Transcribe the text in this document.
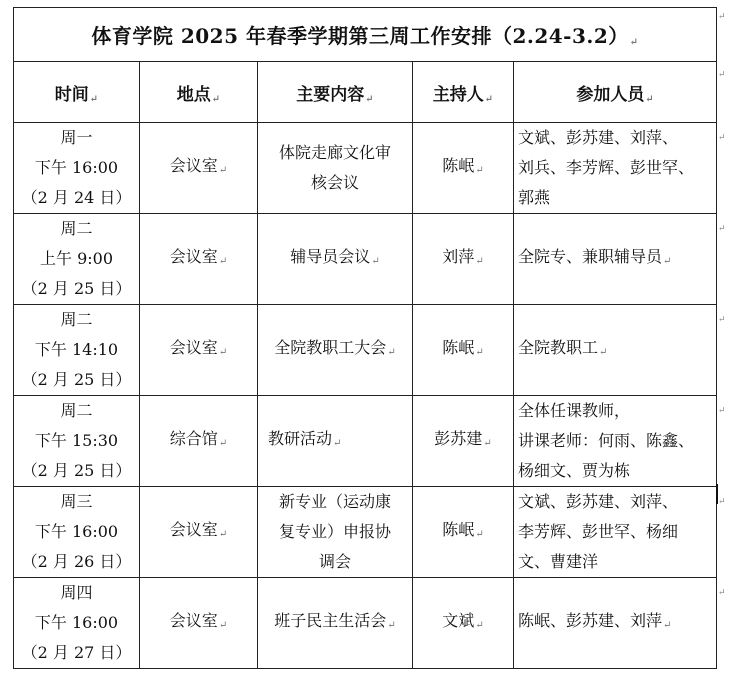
体育学院 2025 年春季学期第三周工作安排（2.24-3.2）↵				
时间↵	地点↵	主要内容↵	主持人↵	参加人员↵

周一
下午 16:00
（2 月 24 日）	会议室↵	体院走廊文化审
核会议	陈岷↵	文斌、彭苏建、刘萍、
刘兵、李芳辉、彭世罕、
郭燕

周二
上午 9:00
（2 月 25 日）	会议室↵	辅导员会议↵	刘萍↵	全院专、兼职辅导员↵

周二
下午 14:10
（2 月 25 日）	会议室↵	全院教职工大会↵	陈岷↵	全院教职工↵

周二
下午 15:30
（2 月 25 日）	综合馆↵	教研活动↵	彭苏建↵	全体任课教师，
讲课老师：何雨、陈鑫、
杨细文、贾为栋

周三
下午 16:00
（2 月 26 日）	会议室↵	新专业（运动康
复专业）申报协
调会	陈岷↵	文斌、彭苏建、刘萍、
李芳辉、彭世罕、杨细
文、曹建洋

周四
下午 16:00
（2 月 27 日）	会议室↵	班子民主生活会↵	文斌↵	陈岷、彭苏建、刘萍↵
↵
↵
↵
↵
↵
↵
↵
↵
